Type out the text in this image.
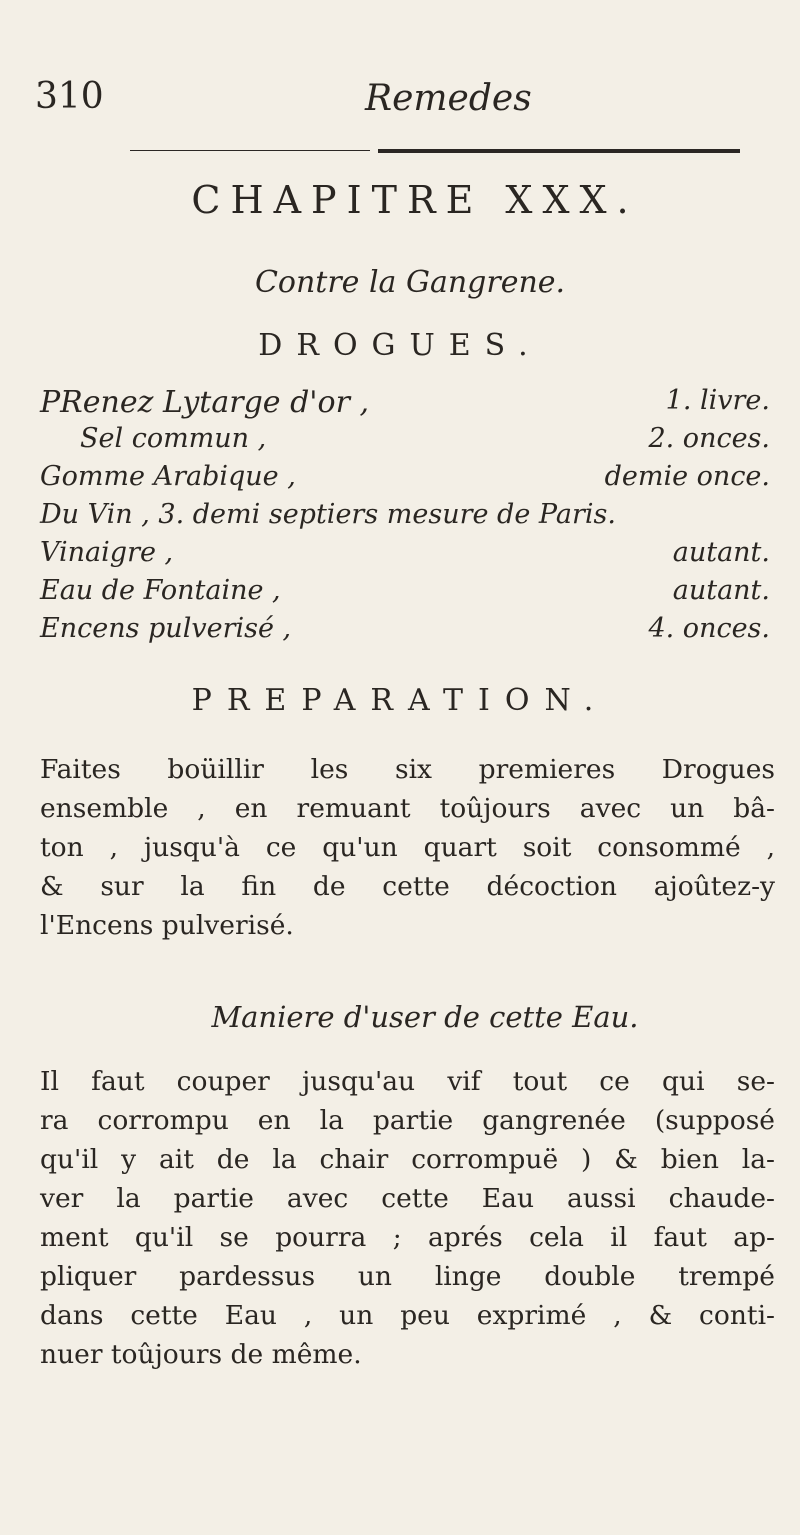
310	Remedes
CHAPITRE XXX.
Contre la Gangrene.
DROGUES.
PRenez Lytarge d'or ,	1. livre.
Sel commun ,	2. onces.
Gomme Arabique ,	demie once.
Du Vin , 3. demi septiers mesure de Paris.
Vinaigre ,	autant.
Eau de Fontaine ,	autant.
Encens pulverisé ,	4. onces.
PREPARATION.
Faites boüillir les six premieres Drogues
ensemble , en remuant toûjours avec un bâ-
ton , jusqu'à ce qu'un quart soit consommé ,
& sur la fin de cette décoction ajoûtez-y
l'Encens pulverisé.
Maniere d'user de cette Eau.
Il faut couper jusqu'au vif tout ce qui se-
ra corrompu en la partie gangrenée (supposé
qu'il y ait de la chair corrompuë ) & bien la-
ver la partie avec cette Eau aussi chaude-
ment qu'il se pourra ; aprés cela il faut ap-
pliquer pardessus un linge double trempé
dans cette Eau , un peu exprimé , & conti-
nuer toûjours de même.
